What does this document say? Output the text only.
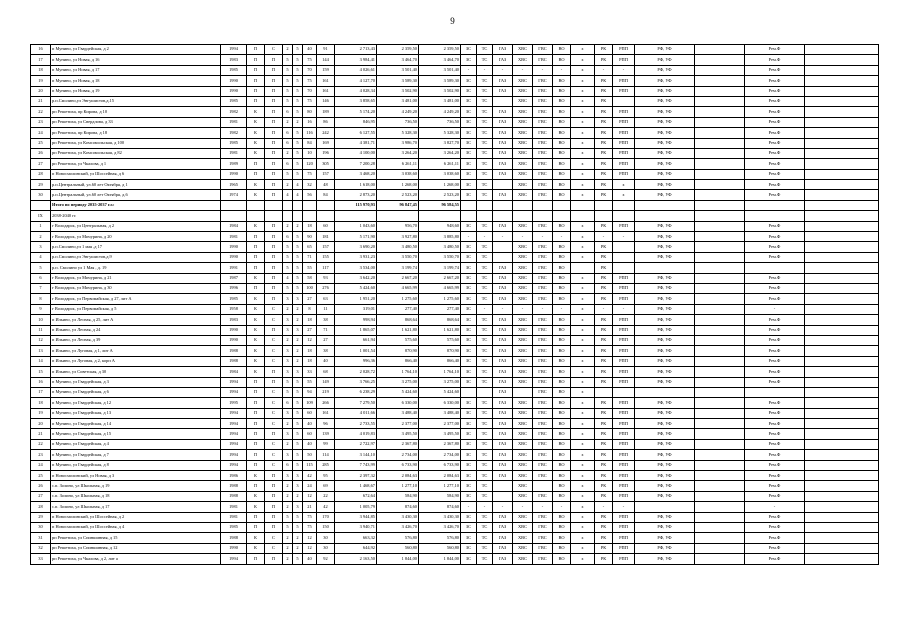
9
16	п Мунино, ул Гвардейская, д 2	1994	П	С	2	5	40	91	2 713,43	2 359,50	2 359,50	ЗС	ТС	ГАЗ	ХВС	ГВС	ВО	х	РК	РПП	РФ, УФ		Рем.Ф	
17	п Мунино, ул Новая, д 16	1983	П	П	5	5	75	144	3 984,41	3 464,70	3 464,70	ЗС	ТС	ГАЗ	ХВС	ГВС	ВО	х	РК	РПП	РФ, УФ		Рем.Ф	
18	п Мунино, ул Новая, д 17	1985	П	П	5	5	70	159	4 026,61	3 501,40	3 501,40	-	-	-	-	-	-	х	-	-	РФ, УФ		Рем.Ф	
19	п Мунино, ул Новая, д 18	1990	П	П	5	5	75	161	4 127,70	3 589,30	3 589,30	ЗС	ТС	ГАЗ	ХВС	ГВС	ВО	х	РК	РПП	РФ, УФ		Рем.Ф	
20	п Мунино, ул Новая, д 19	1990	П	П	5	5	70	161	4 028,34	3 502,90	3 502,90	ЗС	ТС	ГАЗ	ХВС	ГВС	ВО	х	РК	РПП	РФ, УФ		Рем.Ф	
21	р.п.Смолино,ул Энгушистов,д.15	1985	П	П	5	5	75	146	3 858,65	3 481,00	3 481,00	ЗС	ТС		ХВС	ГВС	ВО	х	РК		РФ, УФ		Рем.Ф	
22	рп Решетиха, пр Кирова, д 10	1982	К	П	6	5	80	189	5 174,20	4 249,20	4 249,20	ЗС	ТС	ГАЗ	ХВС	ГВС	ВО	х	РК	РПП	РФ, УФ		Рем.Ф	
23	рп Решетиха, ул Свердлова, д 33	1981	К	П	2	2	16	86	846,95	736,50	736,50	ЗС	ТС	ГАЗ	ХВС	ГВС	ВО	х	РК	РПП	РФ, УФ		Рем.Ф	
24	рп Решетиха, пр Кирова, д 18	1982	К	П	6	5	116	242	6 127,55	5 328,30	5 328,30	ЗС	ТС	ГАЗ	ХВС	ГВС	ВО	х	РК	РПП	РФ, УФ		Рем.Ф	
25	рп Решетиха, ул Комсомольская, д 100	1985	К	П	6	5	84	169	4 381,71	3 986,70	3 827,70	ЗС	ТС	ГАЗ	ХВС	ГВС	ВО	х	РК	РПП	РФ, УФ		Рем.Ф	
26	рп Решетиха, ул Комсомольская, д 82	1981	К	П	2	5	10	196	4 100,00	3 264,20	3 264,20	ЗС	ТС	ГАЗ	ХВС	ГВС	ВО	х	РК	РПП	РФ, УФ		Рем.Ф	
27	рп Решетиха, ул Чкалова, д 1	1989	П	П	6	5	120	305	7 200,28	6 261,11	6 261,11	ЗС	ТС	ГАЗ	ХВС	ГВС	ВО	х	РК	РПП	РФ, УФ		Рем.Ф	
28	п Новосмолинский, ул Шоссейная, д 6	1990	П	П	5	5	75	157	3 468,20	3 038,60	3 038,60	ЗС	ТС	ГАЗ	ХВС	ГВС	ВО	х	РК	РПП	РФ, УФ		Рем.Ф	
29	р.п.Центральный, ул.60 лет Октября, д 1	1965	К	П	2	4	32	48	1 618,00	1 268,00	1 268,00	ЗС	ТС		ХВС	ГВС	ВО	х	РК	х	РФ, УФ		Рем.Ф	
30	р.п.Центральный, ул.60 лет Октября, д.6	1974	К	П	4	4	56	84	2 873,20	2 523,20	2 523,20	ЗС	ТС	ГАЗ	ХВС	ГВС	ВО	х	РК	х	РФ, УФ		Рем.Ф	
	Итого по периоду 2035-2037 г.г.:								115 970,93	96 847,45	96 584,55													
IX	2038-2040 гг.																							
1	г Володарск, ул Центральная, д 2	1984	К	П	2	2	18	60	1 043,60	956,70	948,60	ЗС	ТС	ГАЗ	ХВС	ГВС	ВО	х	РК	РПП	РФ, УФ		Рем.Ф	
2	г Володарск, ул Мичурина, д 20	1981	П	П	6	5	90	181	5 171,90	3 927,80	3 885,80	-	-	-	-	-	-	х	-	-	РФ, УФ		Рем.Ф	
3	р.п.Смолино,ул 1 мая ,д 17	1990	П	П	5	5	65	157	3 690,20	3 480,50	3 480,50	ЗС	ТС		ХВС	ГВС	ВО	х	РК		РФ, УФ		Рем.Ф	
4	р.п.Смолино,ул Энгушистов,д.9	1990	П	П	5	5	71	155	3 931,23	3 550,70	3 550,70	ЗС	ТС		ХВС	ГВС	ВО	х	РК		РФ, УФ		Рем.Ф	
5	р.п. Смолино ул 1 Мая , д. 19	1991	П	П	5	5	55	117	3 534,00	3 199,74	3 199,74	ЗС	ТС	ГАЗ	ХВС	ГВС	ВО		РК					
6	г Володарск, ул Мичурина, д 21	1987	К	П	4	5	58	93	3 642,20	2 667,20	2 667,20	ЗС	ТС	ГАЗ	ХВС	ГВС	ВО	х	РК	РПП	РФ, УФ		Рем.Ф	
7	г Володарск, ул Мичурина, д 30	1996	П	П	5	5	100	276	5 424,60	4 665,99	4 665,99	ЗС	ТС	ГАЗ	ХВС	ГВС	ВО	х	РК	РПП	РФ, УФ		Рем.Ф	
8	г Володарск, ул Первомайская, д 27, лит А	1985	К	П	3	3	27	63	1 951,20	1 275,60	1 275,60	ЗС	ТС	ГАЗ	ХВС	ГВС	ВО	х	РК	РПП	РФ, УФ		Рем.Ф	
9	г Володарск, ул Первомайская, д 5	1958	К	С	2	2	8	11	319,01	277,40	277,40	ЗС	-	-	-	-	-	х	-	-	РФ, УФ		-	
10	п Ильино, ул Лесная, д 25, лит А	1983	К	С	3	2	18	38	998,94	868,64	868,64	ЗС	ТС	ГАЗ	ХВС	ГВС	ВО	х	РК	РПП	РФ, УФ		Рем.Ф	
11	п Ильино, ул Лесная, д 24	1990	К	П	3	3	27	71	1 865,07	1 621,80	1 621,80	ЗС	ТС	ГАЗ	ХВС	ГВС	ВО	х	РК	РПП	РФ, УФ		Рем.Ф	
12	п Ильино, ул Лесная, д 39	1990	К	С	2	2	12	27	661,94	575,60	575,60	ЗС	ТС	ГАЗ	ХВС	ГВС	ВО	х	РК	РПП	РФ, УФ		Рем.Ф	
13	п Ильино, ул Луговая, д 1, лит А	1988	К	С	3	2	18	38	1 001,54	870,90	870,90	ЗС	ТС	ГАЗ	ХВС	ГВС	ВО	х	РК	РПП	РФ, УФ		Рем.Ф	
14	п Ильино, ул Луговая, д 2, корп А	1988	К	С	3	2	18	40	996,36	866,40	866,40	ЗС	ТС	ГАЗ	ХВС	ГВС	ВО	х	РК	РПП	РФ, УФ		Рем.Ф	
15	п Ильино, ул Советская, д 30	1984	К	П	3	3	33	68	2 028,72	1 764,10	1 764,10	ЗС	ТС	ГАЗ	ХВС	ГВС	ВО	х	РК	РПП	РФ, УФ		Рем.Ф	
16	п Мунино, ул Гвардейская, д 3	1994	П	П	5	5	55	149	3 766,25	3 275,00	3 275,00	ЗС	ТС	ГАЗ	ХВС	ГВС	ВО	х	РК	РПП	РФ, УФ		Рем.Ф	
17	п Мунино, ул Гвардейская, д 6	1994	П	С	5	5	94	219	6 238,29	5 424,60	5 424,60			ГАЗ		ГВС	ВО	х						
18	п Мунино, ул Гвардейская, д 12	1995	П	С	6	5	109	266	7 279,50	6 330,00	6 330,00	ЗС	ТС	ГАЗ	ХВС	ГВС	ВО	х	РК	РПП	РФ, УФ		Рем.Ф	
19	п Мунино, ул Гвардейская, д 13	1994	П	С	3	5	60	161	4 011,66	3 488,40	3 488,40	ЗС	ТС	ГАЗ	ХВС	ГВС	ВО	х	РК	РПП	РФ, УФ		Рем.Ф	
20	п Мунино, ул Гвардейская, д 14	1994	П	С	2	5	40	96	2 733,55	2 377,00	2 377,00	ЗС	ТС	ГАЗ	ХВС	ГВС	ВО	х	РК	РПП	РФ, УФ		Рем.Ф	
21	п Мунино, ул Гвардейская, д 15	1994	П	П	3	5	60	139	4 019,83	3 495,50	3 495,50	ЗС	ТС	ГАЗ	ХВС	ГВС	ВО	х	РК	РПП	РФ, УФ		Рем.Ф	
22	п Мунино, ул Гвардейская, д 4	1994	П	С	2	5	40	99	2 722,97	2 367,80	2 367,80	ЗС	ТС	ГАЗ	ХВС	ГВС	ВО	х	РК	РПП	РФ, УФ		Рем.Ф	
23	п Мунино, ул Гвардейская, д 7	1994	П	С	3	5	50	114	3 144,10	2 734,00	2 734,00	ЗС	ТС	ГАЗ	ХВС	ГВС	ВО	х	РК	РПП	РФ, УФ		Рем.Ф	
24	п Мунино, ул Гвардейская, д 8	1994	П	С	6	5	115	285	7 743,99	6 733,90	6 733,90	ЗС	ТС	ГАЗ	ХВС	ГВС	ВО	х	РК	РПП	РФ, УФ		Рем.Ф	
25	п Новосмолинский, ул Новая, д 3	1986	К	П	3	3	42	95	2 397,32	2 084,63	2 084,63	ЗС	ТС	ГАЗ	ХВС	ГВС	ВО	х	РК	РПП	РФ, УФ		Рем.Ф	
26	с.п. Золино, ул Школьная, д 19	1988	П	П	2	3	24	69	1 468,67	1 277,10	1 277,10	ЗС	ТС		ХВС		ВО	х	РК	РПП	РФ, УФ		Рем.Ф	
27	с.п. Золино, ул Школьная, д 18	1988	К	П	2	2	12	22	672,64	584,90	584,90	ЗС	ТС		ХВС	ГВС	ВО	х	РК	РПП	РФ, УФ		Рем.Ф	
28	с.п. Золино, ул Школьная, д 17	1981	К	П	2	3	21	42	1 005,79	874,60	874,60	-	-	-	-	-	-	х	-	-			-	
29	п Новосмолинский, ул Шоссейная, д 2	1981	П	П	5	5	75	170	3 944,85	3 430,30	3 430,30	ЗС	ТС	ГАЗ	ХВС	ГВС	ВО	х	РК	РПП	РФ, УФ		Рем.Ф	
30	п Новосмолинский, ул Шоссейная, д 4	1985	П	П	5	5	75	150	3 940,71	3 426,70	3 426,70	ЗС	ТС	ГАЗ	ХВС	ГВС	ВО	х	РК	РПП	РФ, УФ		Рем.Ф	
31	рп Решетиха, ул Спиншинная, д 15	1988	К	С	2	2	12	30	663,32	576,80	576,80	ЗС	ТС	ГАЗ	ХВС	ГВС	ВО	х	РК	РПП	РФ, УФ		Рем.Ф	
32	рп Решетиха, ул Спиншинная, д 12	1990	К	С	2	2	12	30	644,92	560,80	560,80	ЗС	ТС	ГАЗ	ХВС	ГВС	ВО	х	РК	РПП	РФ, УФ		Рем.Ф	
33	рп Решетиха, ул Чкалова, д 2, лит а	1994	П	П	2	5	40	92	2 163,50	1 844,00	1 844,00	ЗС	ТС	ГАЗ	ХВС	ГВС	ВО	х	РК	РПП	РФ, УФ		Рем.Ф	
